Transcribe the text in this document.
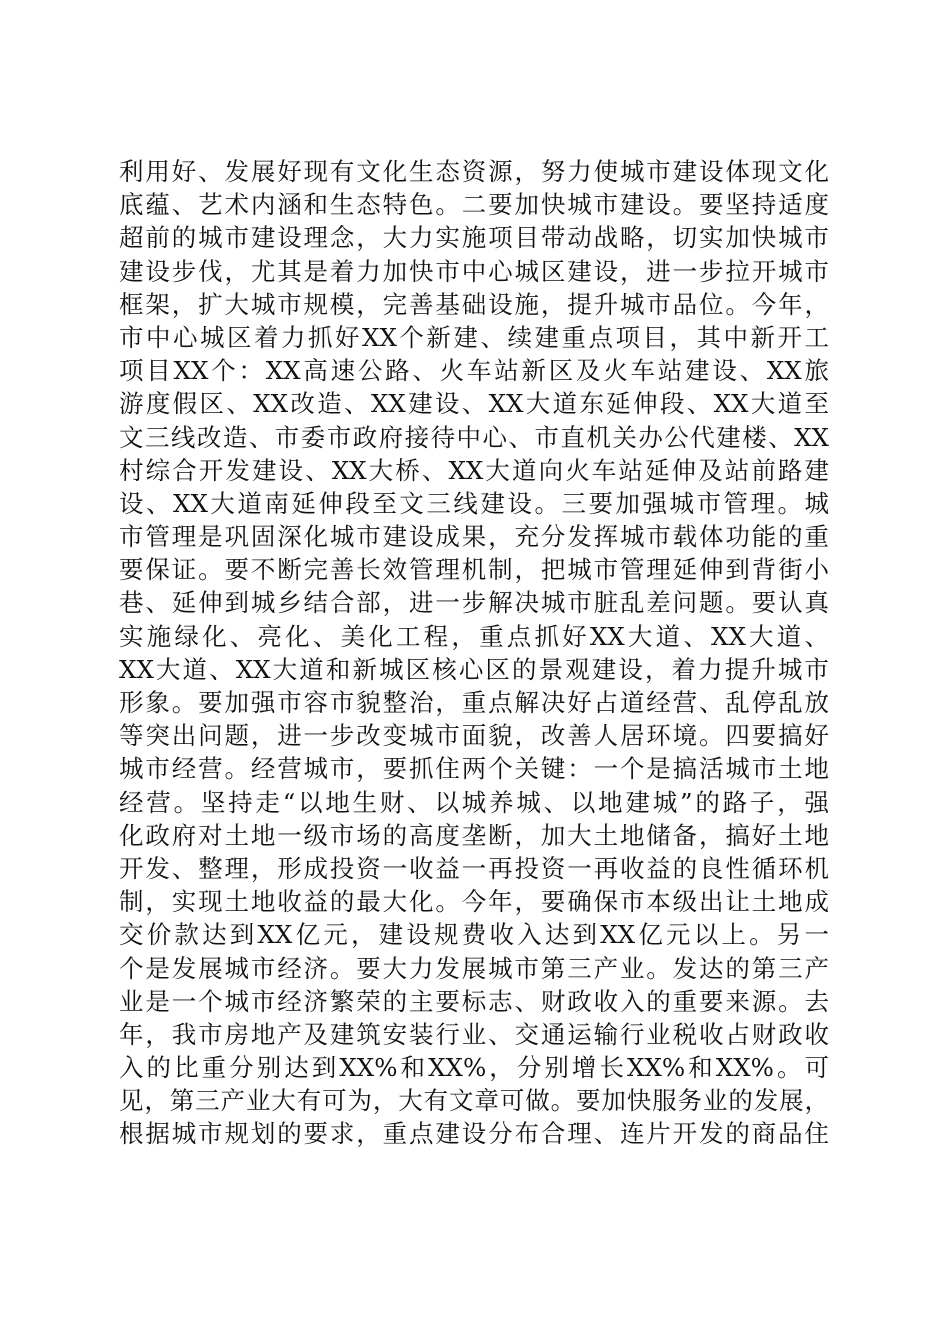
利用好、发展好现有文化生态资源，努力使城市建设体现文化
底蕴、艺术内涵和生态特色。二要加快城市建设。要坚持适度
超前的城市建设理念，大力实施项目带动战略，切实加快城市
建设步伐，尤其是着力加快市中心城区建设，进一步拉开城市
框架，扩大城市规模，完善基础设施，提升城市品位。今年，
市中心城区着力抓好XX个新建、续建重点项目，其中新开工
项目XX个：XX高速公路、火车站新区及火车站建设、XX旅
游度假区、XX改造、XX建设、XX大道东延伸段、XX大道至
文三线改造、市委市政府接待中心、市直机关办公代建楼、XX
村综合开发建设、XX大桥、XX大道向火车站延伸及站前路建
设、XX大道南延伸段至文三线建设。三要加强城市管理。城
市管理是巩固深化城市建设成果，充分发挥城市载体功能的重
要保证。要不断完善长效管理机制，把城市管理延伸到背街小
巷、延伸到城乡结合部，进一步解决城市脏乱差问题。要认真
实施绿化、亮化、美化工程，重点抓好XX大道、XX大道、
XX大道、XX大道和新城区核心区的景观建设，着力提升城市
形象。要加强市容市貌整治，重点解决好占道经营、乱停乱放
等突出问题，进一步改变城市面貌，改善人居环境。四要搞好
城市经营。经营城市，要抓住两个关键：一个是搞活城市土地
经营。坚持走“以地生财、以城养城、以地建城”的路子，强
化政府对土地一级市场的高度垄断，加大土地储备，搞好土地
开发、整理，形成投资一收益一再投资一再收益的良性循环机
制，实现土地收益的最大化。今年，要确保市本级出让土地成
交价款达到XX亿元，建设规费收入达到XX亿元以上。另一
个是发展城市经济。要大力发展城市第三产业。发达的第三产
业是一个城市经济繁荣的主要标志、财政收入的重要来源。去
年，我市房地产及建筑安装行业、交通运输行业税收占财政收
入的比重分别达到XX%和XX%，分别增长XX%和XX%。可
见，第三产业大有可为，大有文章可做。要加快服务业的发展，
根据城市规划的要求，重点建设分布合理、连片开发的商品住
